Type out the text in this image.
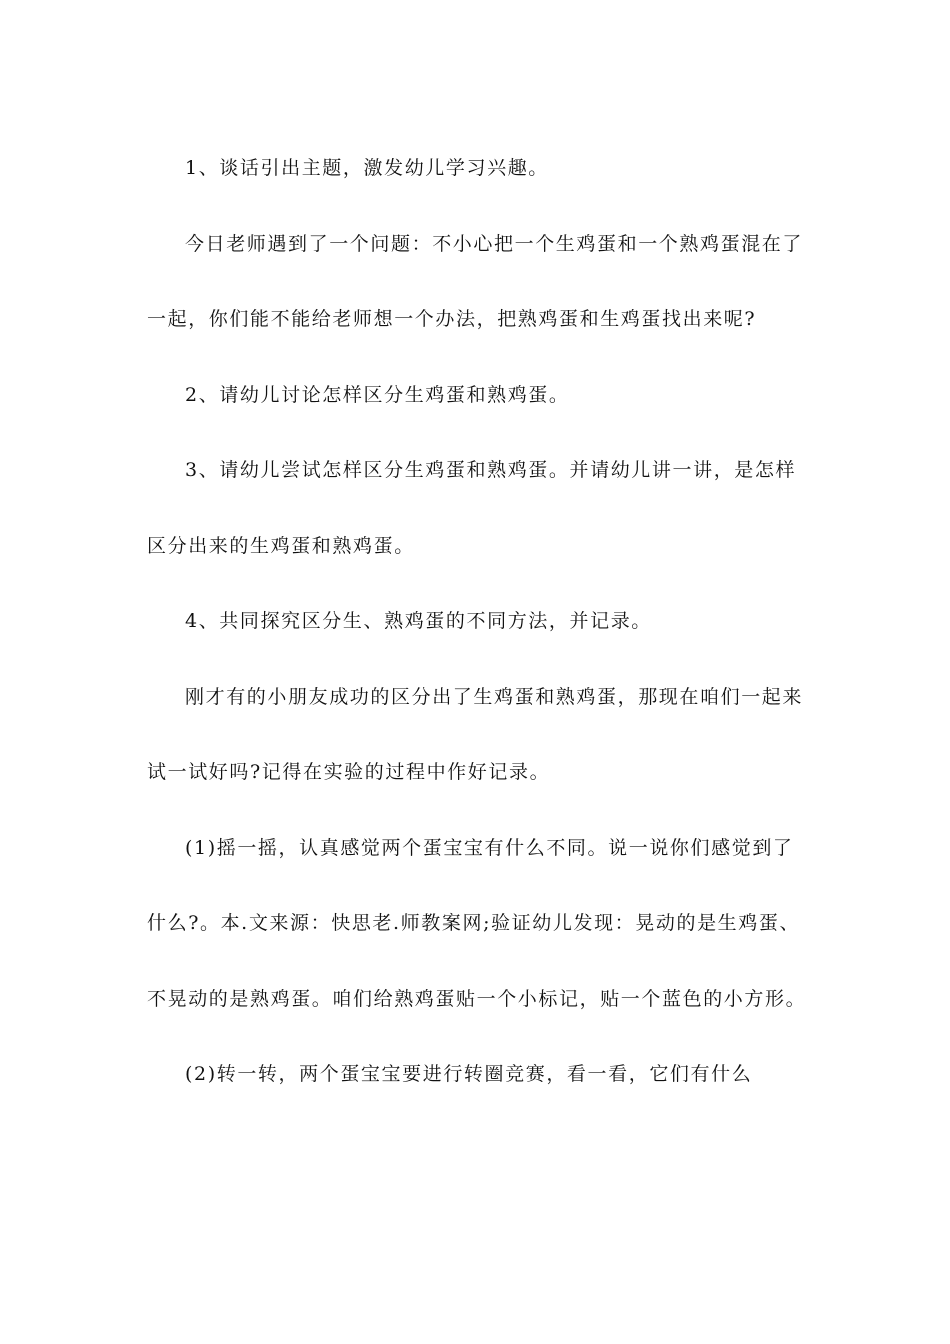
1、谈话引出主题，激发幼儿学习兴趣。

今日老师遇到了一个问题：不小心把一个生鸡蛋和一个熟鸡蛋混在了一起，你们能不能给老师想一个办法，把熟鸡蛋和生鸡蛋找出来呢?

2、请幼儿讨论怎样区分生鸡蛋和熟鸡蛋。

3、请幼儿尝试怎样区分生鸡蛋和熟鸡蛋。并请幼儿讲一讲，是怎样区分出来的生鸡蛋和熟鸡蛋。

4、共同探究区分生、熟鸡蛋的不同方法，并记录。

刚才有的小朋友成功的区分出了生鸡蛋和熟鸡蛋，那现在咱们一起来试一试好吗?记得在实验的过程中作好记录。

(1)摇一摇，认真感觉两个蛋宝宝有什么不同。说一说你们感觉到了什么?。本.文来源：快思老.师教案网;验证幼儿发现：晃动的是生鸡蛋、不晃动的是熟鸡蛋。咱们给熟鸡蛋贴一个小标记，贴一个蓝色的小方形。

(2)转一转，两个蛋宝宝要进行转圈竞赛，看一看，它们有什么
